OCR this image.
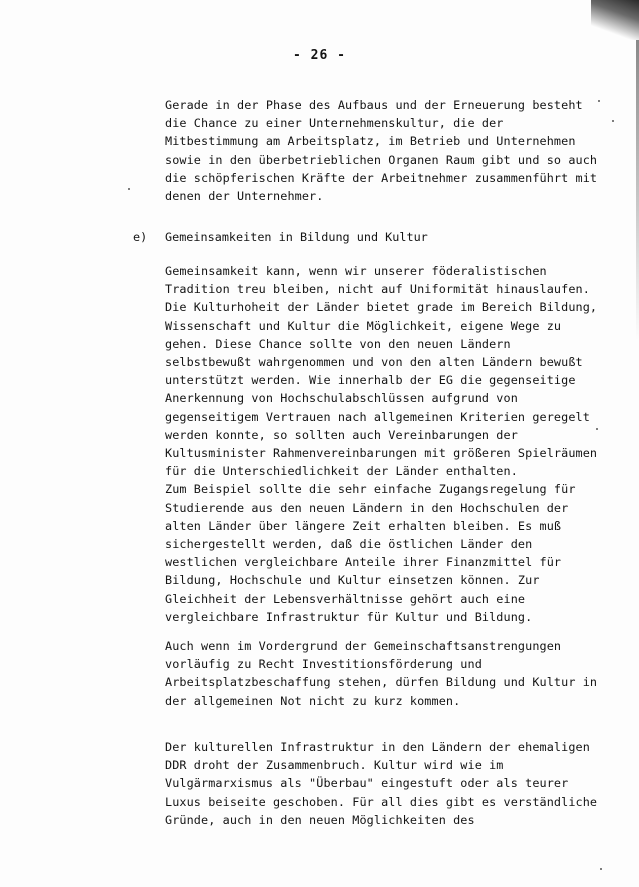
- 26 -
Gerade in der Phase des Aufbaus und der Erneuerung besteht
die Chance zu einer Unternehmenskultur, die der
Mitbestimmung am Arbeitsplatz, im Betrieb und Unternehmen
sowie in den überbetrieblichen Organen Raum gibt und so auch
die schöpferischen Kräfte der Arbeitnehmer zusammenführt mit
denen der Unternehmer.
e) Gemeinsamkeiten in Bildung und Kultur
Gemeinsamkeit kann, wenn wir unserer föderalistischen
Tradition treu bleiben, nicht auf Uniformität hinauslaufen.
Die Kulturhoheit der Länder bietet grade im Bereich Bildung,
Wissenschaft und Kultur die Möglichkeit, eigene Wege zu
gehen. Diese Chance sollte von den neuen Ländern
selbstbewußt wahrgenommen und von den alten Ländern bewußt
unterstützt werden. Wie innerhalb der EG die gegenseitige
Anerkennung von Hochschulabschlüssen aufgrund von
gegenseitigem Vertrauen nach allgemeinen Kriterien geregelt
werden konnte, so sollten auch Vereinbarungen der
Kultusminister Rahmenvereinbarungen mit größeren Spielräumen
für die Unterschiedlichkeit der Länder enthalten.
Zum Beispiel sollte die sehr einfache Zugangsregelung für
Studierende aus den neuen Ländern in den Hochschulen der
alten Länder über längere Zeit erhalten bleiben. Es muß
sichergestellt werden, daß die östlichen Länder den
westlichen vergleichbare Anteile ihrer Finanzmittel für
Bildung, Hochschule und Kultur einsetzen können. Zur
Gleichheit der Lebensverhältnisse gehört auch eine
vergleichbare Infrastruktur für Kultur und Bildung.
Auch wenn im Vordergrund der Gemeinschaftsanstrengungen
vorläufig zu Recht Investitionsförderung und
Arbeitsplatzbeschaffung stehen, dürfen Bildung und Kultur in
der allgemeinen Not nicht zu kurz kommen.
Der kulturellen Infrastruktur in den Ländern der ehemaligen
DDR droht der Zusammenbruch. Kultur wird wie im
Vulgärmarxismus als "Überbau" eingestuft oder als teurer
Luxus beiseite geschoben. Für all dies gibt es verständliche
Gründe, auch in den neuen Möglichkeiten des
